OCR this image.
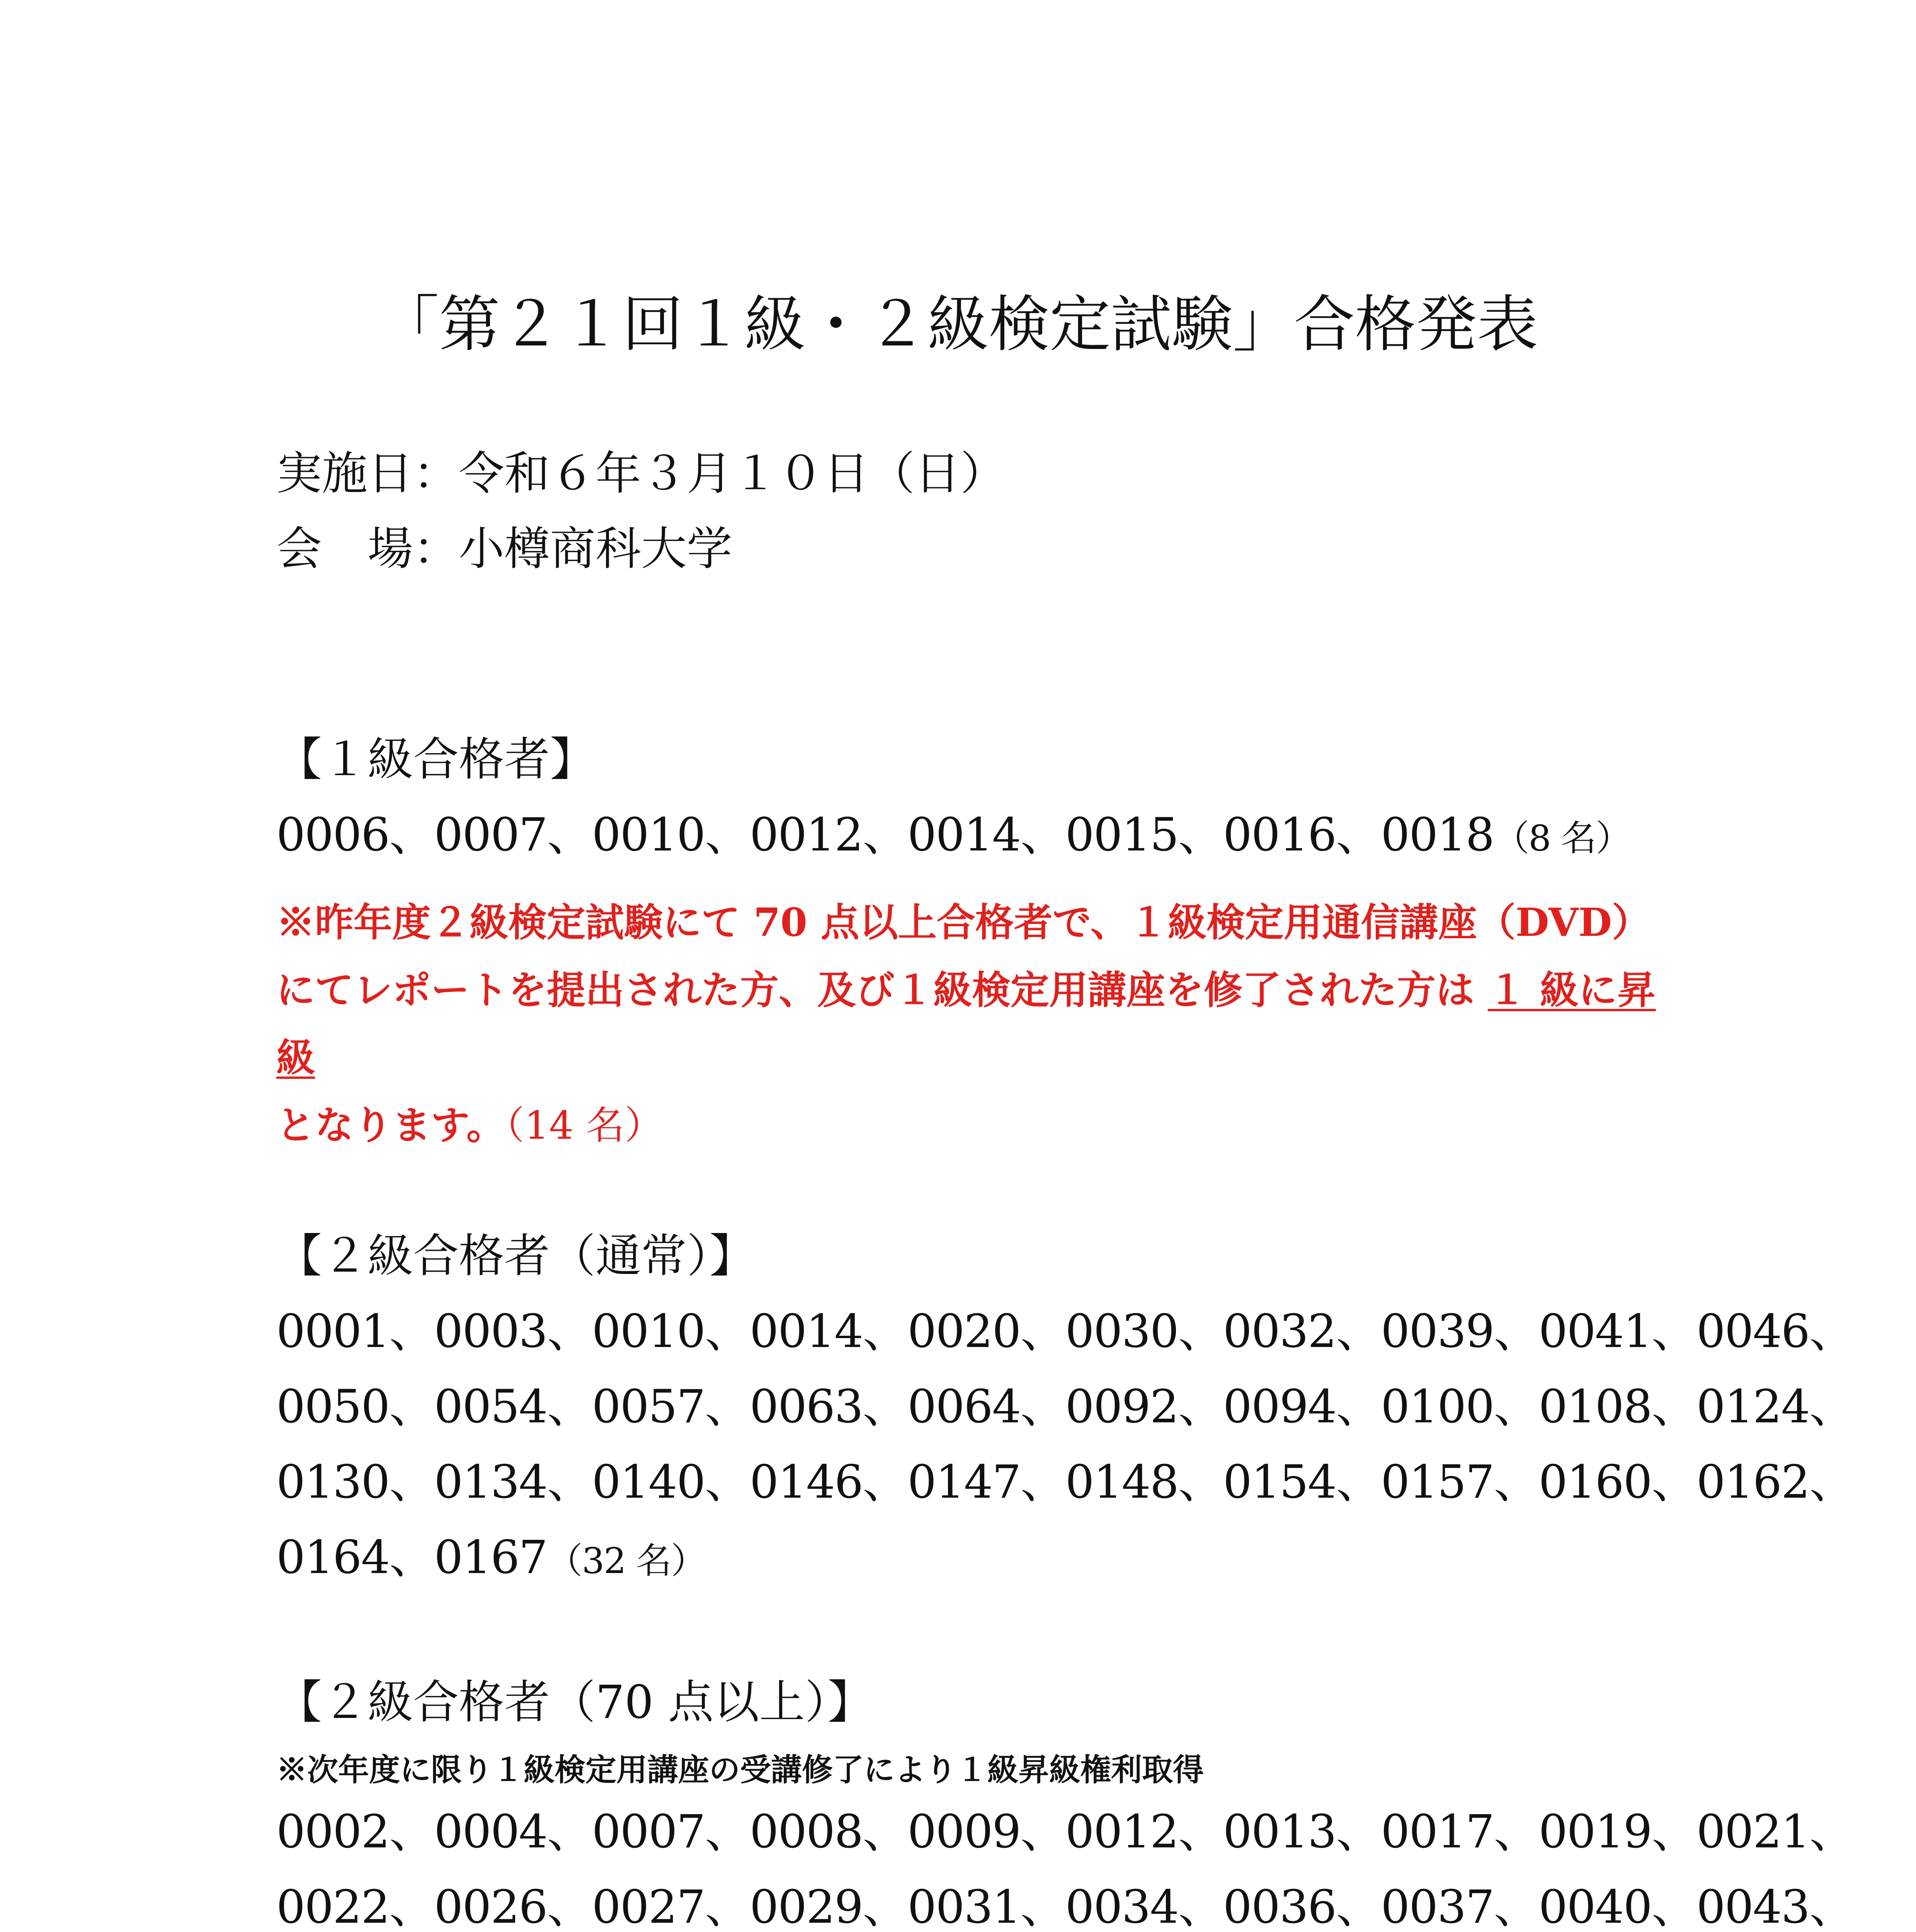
「第２１回１級・２級検定試験」合格発表
実施日：令和６年３月１０日（日）
会　場：小樽商科大学
【１級合格者】
0006、0007、0010、0012、0014、0015、0016、0018（8 名）
※昨年度２級検定試験にて 70 点以上合格者で、１級検定用通信講座（DVD）にてレポートを提出された方、及び１級検定用講座を修了された方は １ 級に昇級
となります。（14 名）
【２級合格者（通常）】
0001、0003、0010、0014、0020、0030、0032、0039、0041、0046、
0050、0054、0057、0063、0064、0092、0094、0100、0108、0124、
0130、0134、0140、0146、0147、0148、0154、0157、0160、0162、
0164、0167（32 名）
【２級合格者（70 点以上）】
※次年度に限り１級検定用講座の受講修了により１級昇級権利取得
0002、0004、0007、0008、0009、0012、0013、0017、0019、0021、
0022、0026、0027、0029、0031、0034、0036、0037、0040、0043、
